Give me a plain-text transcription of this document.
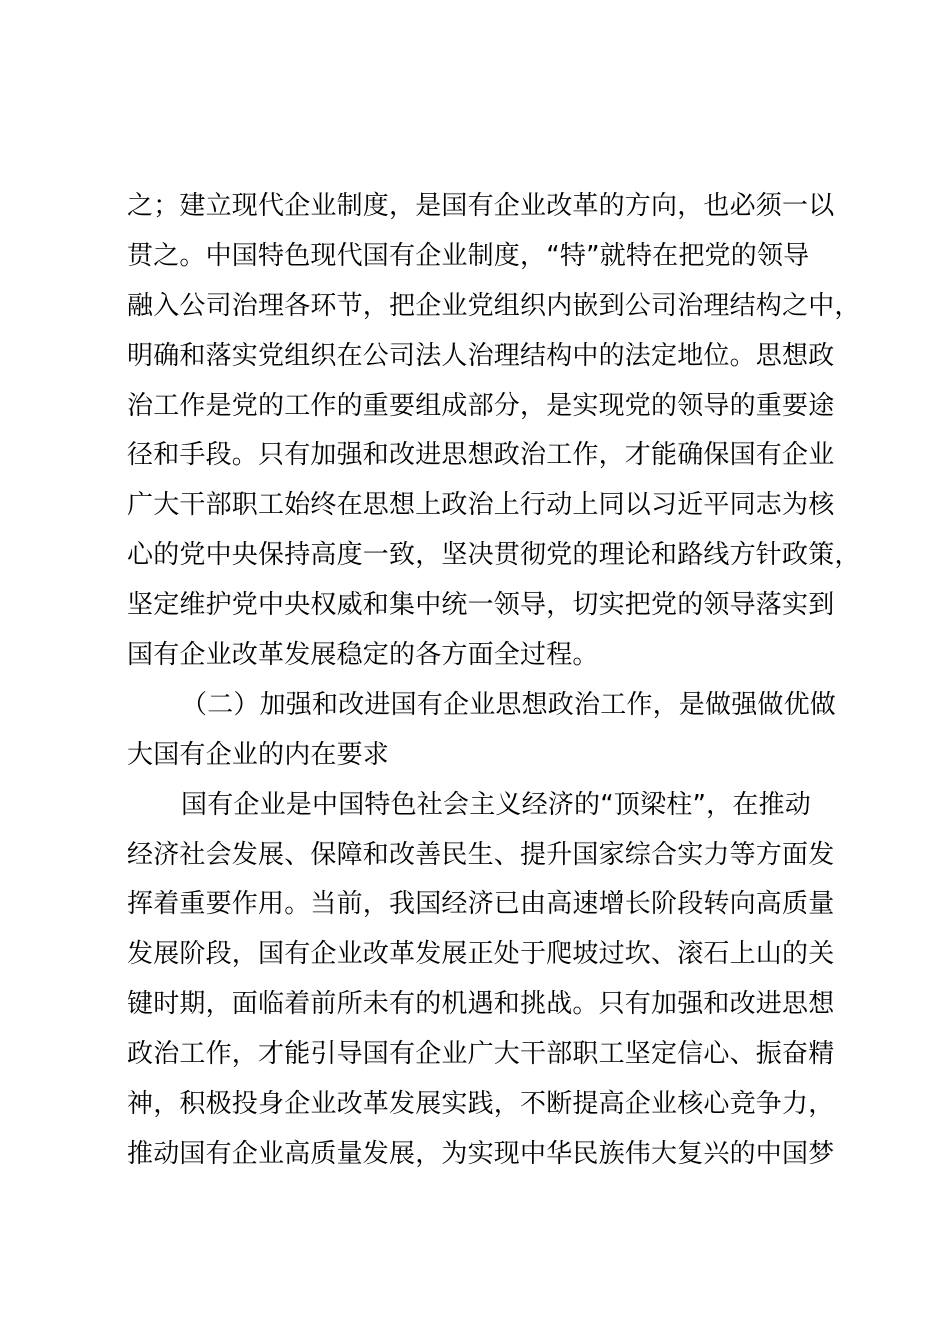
之；建立现代企业制度，是国有企业改革的方向，也必须一以
贯之。中国特色现代国有企业制度，“特”就特在把党的领导
融入公司治理各环节，把企业党组织内嵌到公司治理结构之中，
明确和落实党组织在公司法人治理结构中的法定地位。思想政
治工作是党的工作的重要组成部分，是实现党的领导的重要途
径和手段。只有加强和改进思想政治工作，才能确保国有企业
广大干部职工始终在思想上政治上行动上同以习近平同志为核
心的党中央保持高度一致，坚决贯彻党的理论和路线方针政策，
坚定维护党中央权威和集中统一领导，切实把党的领导落实到
国有企业改革发展稳定的各方面全过程。
（二）加强和改进国有企业思想政治工作，是做强做优做
大国有企业的内在要求
国有企业是中国特色社会主义经济的“顶梁柱”，在推动
经济社会发展、保障和改善民生、提升国家综合实力等方面发
挥着重要作用。当前，我国经济已由高速增长阶段转向高质量
发展阶段，国有企业改革发展正处于爬坡过坎、滚石上山的关
键时期，面临着前所未有的机遇和挑战。只有加强和改进思想
政治工作，才能引导国有企业广大干部职工坚定信心、振奋精
神，积极投身企业改革发展实践，不断提高企业核心竞争力，
推动国有企业高质量发展，为实现中华民族伟大复兴的中国梦
